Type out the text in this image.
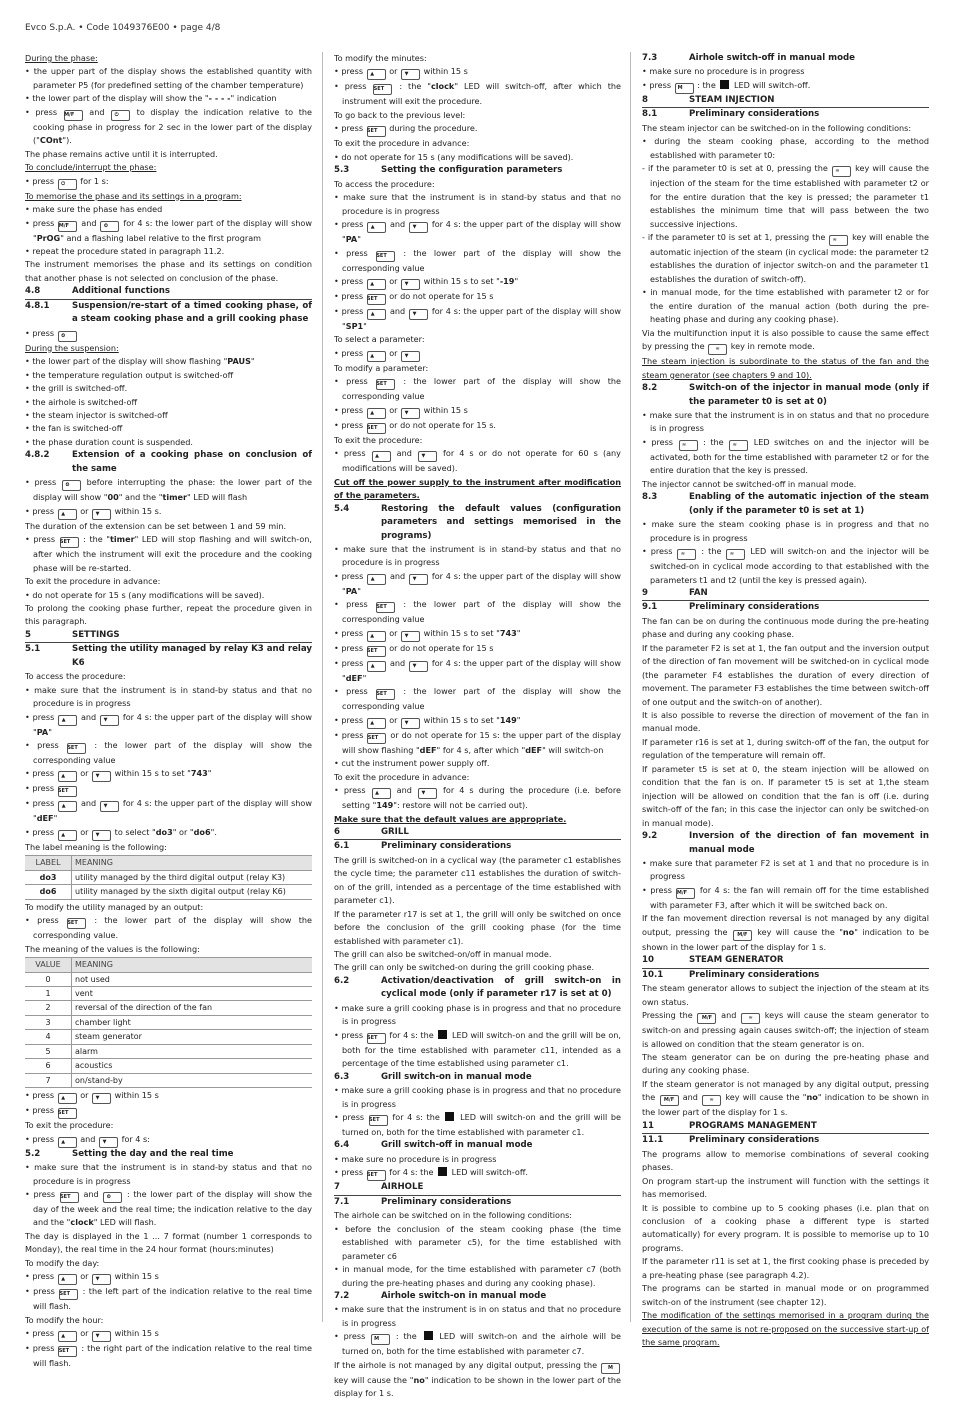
Evco S.p.A. • Code 1049376E00 • page 4/8

During the phase:

• the upper part of the display shows the established quantity with parameter P5 (for predefined setting of the chamber temperature)

• the lower part of the display will show the "- - - -" indication

• press M/F and ⏻ to display the indication relative to the cooking phase in progress for 2 sec in the lower part of the display ("COnt").

The phase remains active until it is interrupted.

To conclude/interrupt the phase:

• press ⏻ for 1 s:

To memorise the phase and its settings in a program:

• make sure the phase has ended

• press M/F and ⏲ for 4 s: the lower part of the display will show "PrOG" and a flashing label relative to the first program

• repeat the procedure stated in paragraph 11.2.

The instrument memorises the phase and its settings on condition that another phase is not selected on conclusion of the phase.

4.8	Additional functions
4.8.1	Suspension/re-start of a timed cooking phase, of a steam cooking phase and a grill cooking phase

• press ⏲

During the suspension:

• the lower part of the display will show flashing "PAUS"

• the temperature regulation output is switched-off

• the grill is switched-off.

• the airhole is switched-off

• the steam injector is switched-off

• the fan is switched-off

• the phase duration count is suspended.

4.8.2	Extension of a cooking phase on conclusion of the same

• press ⏲ before interrupting the phase: the lower part of the display will show "00" and the "timer" LED will flash

• press ▲ or ▼ within 15 s.

The duration of the extension can be set between 1 and 59 min.

• press SET : the "timer" LED will stop flashing and will switch-on, after which the instrument will exit the procedure and the cooking phase will be re-started.

To exit the procedure in advance:

• do not operate for 15 s (any modifications will be saved).

To prolong the cooking phase further, repeat the procedure given in this paragraph.

5	SETTINGS
5.1	Setting the utility managed by relay K3 and relay K6

To access the procedure:

• make sure that the instrument is in stand-by status and that no procedure is in progress

• press ▲ and ▼ for 4 s: the upper part of the display will show "PA"

• press SET : the lower part of the display will show the corresponding value

• press ▲ or ▼ within 15 s to set "743"

• press SET

• press ▲ and ▼ for 4 s: the upper part of the display will show "dEF"

• press ▲ or ▼ to select "do3" or "do6".

The label meaning is the following:

LABEL	MEANING
do3	utility managed by the third digital output (relay K3)
do6	utility managed by the sixth digital output (relay K6)

To modify the utility managed by an output:

• press SET : the lower part of the display will show the corresponding value.

The meaning of the values is the following:

VALUE	MEANING
0	not used
1	vent
2	reversal of the direction of the fan
3	chamber light
4	steam generator
5	alarm
6	acoustics
7	on/stand-by

• press ▲ or ▼ within 15 s

• press SET

To exit the procedure:

• press ▲ and ▼ for 4 s:

5.2	Setting the day and the real time

• make sure that the instrument is in stand-by status and that no procedure is in progress

• press SET and ⏲ : the lower part of the display will show the day of the week and the real time; the indication relative to the day and the "clock" LED will flash.

The day is displayed in the 1 ... 7 format (number 1 corresponds to Monday), the real time in the 24 hour format (hours:minutes)

To modify the day:

• press ▲ or ▼ within 15 s

• press SET : the left part of the indication relative to the real time will flash.

To modify the hour:

• press ▲ or ▼ within 15 s

• press SET : the right part of the indication relative to the real time will flash.

To modify the minutes:

• press ▲ or ▼ within 15 s

• press SET : the "clock" LED will switch-off, after which the instrument will exit the procedure.

To go back to the previous level:

• press SET during the procedure.

To exit the procedure in advance:

• do not operate for 15 s (any modifications will be saved).

5.3	Setting the configuration parameters

To access the procedure:

• make sure that the instrument is in stand-by status and that no procedure is in progress

• press ▲ and ▼ for 4 s: the upper part of the display will show "PA"

• press SET : the lower part of the display will show the corresponding value

• press ▲ or ▼ within 15 s to set "-19"

• press SET or do not operate for 15 s

• press ▲ and ▼ for 4 s: the upper part of the display will show "SP1"

To select a parameter:

• press ▲ or ▼

To modify a parameter:

• press SET : the lower part of the display will show the corresponding value

• press ▲ or ▼ within 15 s

• press SET or do not operate for 15 s.

To exit the procedure:

• press ▲ and ▼ for 4 s or do not operate for 60 s (any modifications will be saved).

Cut off the power supply to the instrument after modification of the parameters.

5.4	Restoring the default values (configuration parameters and settings memorised in the programs)

• make sure that the instrument is in stand-by status and that no procedure is in progress

• press ▲ and ▼ for 4 s: the upper part of the display will show "PA"

• press SET : the lower part of the display will show the corresponding value

• press ▲ or ▼ within 15 s to set "743"

• press SET or do not operate for 15 s

• press ▲ and ▼ for 4 s: the upper part of the display will show "dEF"

• press SET : the lower part of the display will show the corresponding value

• press ▲ or ▼ within 15 s to set "149"

• press SET or do not operate for 15 s: the upper part of the display will show flashing "dEF" for 4 s, after which "dEF" will switch-on

• cut the instrument power supply off.

To exit the procedure in advance:

• press ▲ and ▼ for 4 s during the procedure (i.e. before setting "149": restore will not be carried out).

Make sure that the default values are appropriate.

6	GRILL
6.1	Preliminary considerations

The grill is switched-on in a cyclical way (the parameter c1 establishes the cycle time; the parameter c11 establishes the duration of switch-on of the grill, intended as a percentage of the time established with parameter c1).

If the parameter r17 is set at 1, the grill will only be switched on once before the conclusion of the grill cooking phase (for the time established with parameter c1).

The grill can also be switched-on/off in manual mode.

The grill can only be switched-on during the grill cooking phase.

6.2	Activation/deactivation of grill switch-on in cyclical mode (only if parameter r17 is set at 0)

• make sure a grill cooking phase is in progress and that no procedure is in progress

• press SET for 4 s: the  LED will switch-on and the grill will be on, both for the time established with parameter c11, intended as a percentage of the time established using parameter c1.

6.3	Grill switch-on in manual mode

• make sure a grill cooking phase is in progress and that no procedure is in progress

• press SET for 4 s: the  LED will switch-on and the grill will be turned on, both for the time established with parameter c1.

6.4	Grill switch-off in manual mode

• make sure no procedure is in progress

• press SET for 4 s: the  LED will switch-off.

7	AIRHOLE
7.1	Preliminary considerations

The airhole can be switched on in the following conditions:

• before the conclusion of the steam cooking phase (the time established with parameter c5), for the time established with parameter c6

• in manual mode, for the time established with parameter c7 (both during the pre-heating phases and during any cooking phase).

7.2	Airhole switch-on in manual mode

• make sure that the instrument is in on status and that no procedure is in progress

• press M : the  LED will switch-on and the airhole will be turned on, both for the time established with parameter c7.

If the airhole is not managed by any digital output, pressing the M key will cause the "no" indication to be shown in the lower part of the display for 1 s.

7.3	Airhole switch-off in manual mode

• make sure no procedure is in progress

• press M : the  LED will switch-off.

8	STEAM INJECTION
8.1	Preliminary considerations

The steam injector can be switched-on in the following conditions:

• during the steam cooking phase, according to the method established with parameter t0:

- if the parameter t0 is set at 0, pressing the ≈ key will cause the injection of the steam for the time established with parameter t2 or for the entire duration that the key is pressed; the parameter t1 establishes the minimum time that will pass between the two successive injections.

- if the parameter t0 is set at 1, pressing the ≈ key will enable the automatic injection of the steam (in cyclical mode: the parameter t2 establishes the duration of injector switch-on and the parameter t1 establishes the duration of switch-off).

• in manual mode, for the time established with parameter t2 or for the entire duration of the manual action (both during the pre-heating phase and during any cooking phase).

Via the multifunction input it is also possible to cause the same effect by pressing the ≈ key in remote mode.

The steam injection is subordinate to the status of the fan and the steam generator (see chapters 9 and 10).

8.2	Switch-on of the injector in manual mode (only if the parameter t0 is set at 0)

• make sure that the instrument is in on status and that no procedure is in progress

• press ≈ : the ≈ LED switches on and the injector will be activated, both for the time established with parameter t2 or for the entire duration that the key is pressed.

The injector cannot be switched-off in manual mode.

8.3	Enabling of the automatic injection of the steam (only if the parameter t0 is set at 1)

• make sure the steam cooking phase is in progress and that no procedure is in progress

• press ≈ : the ≈ LED will switch-on and the injector will be switched-on in cyclical mode according to that established with the parameters t1 and t2 (until the key is pressed again).

9	FAN
9.1	Preliminary considerations

The fan can be on during the continuous mode during the pre-heating phase and during any cooking phase.

If the parameter F2 is set at 1, the fan output and the inversion output of the direction of fan movement will be switched-on in cyclical mode (the parameter F4 establishes the duration of every direction of movement. The parameter F3 establishes the time between switch-off of one output and the switch-on of another).

It is also possible to reverse the direction of movement of the fan in manual mode.

If parameter r16 is set at 1, during switch-off of the fan, the output for regulation of the temperature will remain off.

If parameter t5 is set at 0, the steam injection will be allowed on condition that the fan is on. If parameter t5 is set at 1,the steam injection will be allowed on condition that the fan is off (i.e. during switch-off of the fan; in this case the injector can only be switched-on in manual mode).

9.2	Inversion of the direction of fan movement in manual mode

• make sure that parameter F2 is set at 1 and that no procedure is in progress

• press M/F for 4 s: the fan will remain off for the time established with parameter F3, after which it will be switched back on.

If the fan movement direction reversal is not managed by any digital output, pressing the M/F key will cause the "no" indication to be shown in the lower part of the display for 1 s.

10	STEAM GENERATOR
10.1	Preliminary considerations

The steam generator allows to subject the injection of the steam at its own status.

Pressing the M/F and ≈ keys will cause the steam generator to switch-on and pressing again causes switch-off; the injection of steam is allowed on condition that the steam generator is on.

The steam generator can be on during the pre-heating phase and during any cooking phase.

If the steam generator is not managed by any digital output, pressing the M/F and ≈ key will cause the "no" indication to be shown in the lower part of the display for 1 s.

11	PROGRAMS MANAGEMENT
11.1	Preliminary considerations

The programs allow to memorise combinations of several cooking phases.

On program start-up the instrument will function with the settings it has memorised.

It is possible to combine up to 5 cooking phases (i.e. plan that on conclusion of a cooking phase a different type is started automatically) for every program. It is possible to memorise up to 10 programs.

If the parameter r11 is set at 1, the first cooking phase is preceded by a pre-heating phase (see paragraph 4.2).

The programs can be started in manual mode or on programmed switch-on of the instrument (see chapter 12).

The modification of the settings memorised in a program during the execution of the same is not re-proposed on the successive start-up of the same program.
